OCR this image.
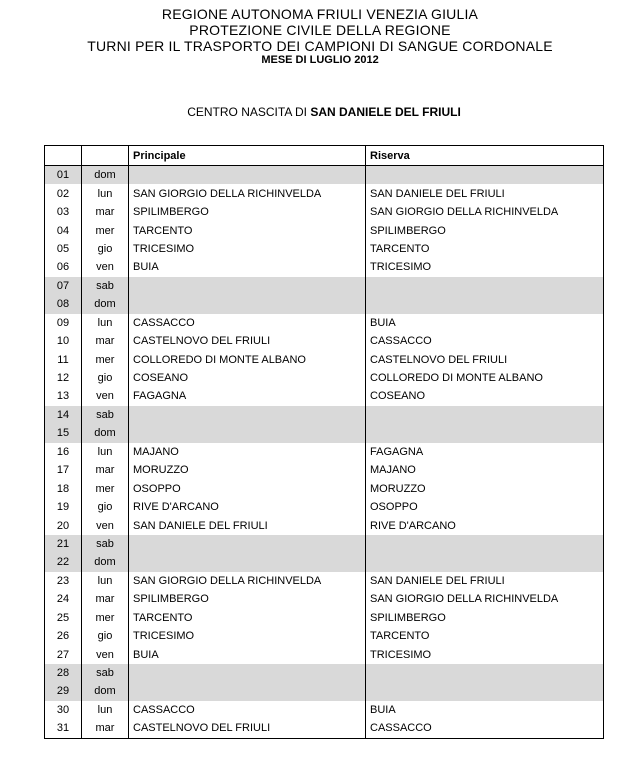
REGIONE AUTONOMA FRIULI VENEZIA GIULIA
PROTEZIONE CIVILE DELLA REGIONE
TURNI PER IL TRASPORTO DEI CAMPIONI DI SANGUE CORDONALE
MESE DI LUGLIO 2012
CENTRO NASCITA DI SAN DANIELE DEL FRIULI
		Principale	Riserva
01	dom		
02	lun	SAN GIORGIO DELLA RICHINVELDA	SAN DANIELE DEL FRIULI
03	mar	SPILIMBERGO	SAN GIORGIO DELLA RICHINVELDA
04	mer	TARCENTO	SPILIMBERGO
05	gio	TRICESIMO	TARCENTO
06	ven	BUIA	TRICESIMO
07	sab		
08	dom		
09	lun	CASSACCO	BUIA
10	mar	CASTELNOVO DEL FRIULI	CASSACCO
11	mer	COLLOREDO DI MONTE ALBANO	CASTELNOVO DEL FRIULI
12	gio	COSEANO	COLLOREDO DI MONTE ALBANO
13	ven	FAGAGNA	COSEANO
14	sab		
15	dom		
16	lun	MAJANO	FAGAGNA
17	mar	MORUZZO	MAJANO
18	mer	OSOPPO	MORUZZO
19	gio	RIVE D'ARCANO	OSOPPO
20	ven	SAN DANIELE DEL FRIULI	RIVE D'ARCANO
21	sab		
22	dom		
23	lun	SAN GIORGIO DELLA RICHINVELDA	SAN DANIELE DEL FRIULI
24	mar	SPILIMBERGO	SAN GIORGIO DELLA RICHINVELDA
25	mer	TARCENTO	SPILIMBERGO
26	gio	TRICESIMO	TARCENTO
27	ven	BUIA	TRICESIMO
28	sab		
29	dom		
30	lun	CASSACCO	BUIA
31	mar	CASTELNOVO DEL FRIULI	CASSACCO
